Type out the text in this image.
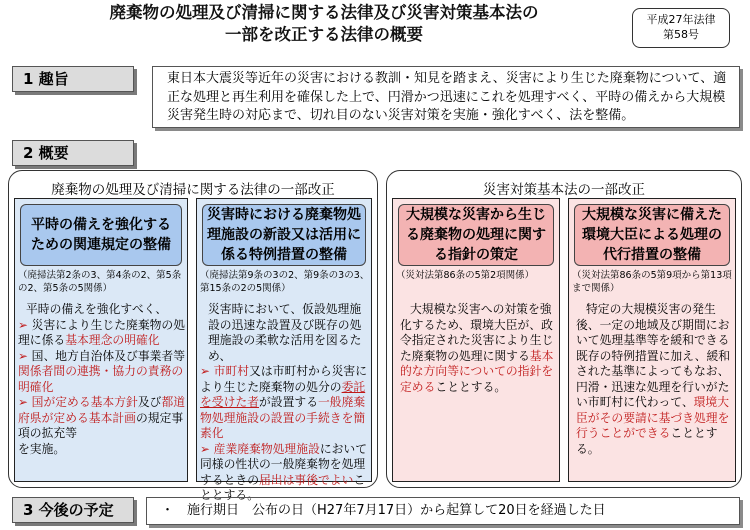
廃棄物の処理及び清掃に関する法律及び災害対策基本法の
一部を改正する法律の概要
平成27年法律
第58号
1 趣旨	東日本大震災等近年の災害における教訓・知見を踏まえ、災害により生じた廃棄物について、適正な処理と再生利用を確保した上で、円滑かつ迅速にこれを処理すべく、平時の備えから大規模災害発生時の対応まで、切れ目のない災害対策を実施・強化すべく、法を整備。
2 概要
廃棄物の処理及び清掃に関する法律の一部改正
平時の備えを強化するための関連規定の整備
（廃掃法第2条の3、第4条の2、第5条の2、第5条の5関係）
平時の備えを強化すべく、
➢ 災害により生じた廃棄物の処理に係る基本理念の明確化
➢ 国、地方自治体及び事業者等関係者間の連携・協力の責務の明確化
➢ 国が定める基本方針及び都道府県が定める基本計画の規定事項の拡充等
を実施。
災害時における廃棄物処理施設の新設又は活用に係る特例措置の整備
（廃掃法第9条の3の2、第9条の3の3、第15条の2の5関係）
災害時において、仮設処理施設の迅速な設置及び既存の処理施設の柔軟な活用を図るため、
➢ 市町村又は市町村から災害により生じた廃棄物の処分の委託を受けた者が設置する一般廃棄物処理施設の設置の手続きを簡素化
➢ 産業廃棄物処理施設において同様の性状の一般廃棄物を処理するときの届出は事後でよいこととする。
災害対策基本法の一部改正
大規模な災害から生じる廃棄物の処理に関する指針の策定
（災対法第86条の5第2項関係）
大規模な災害への対策を強化するため、環境大臣が、政令指定された災害により生じた廃棄物の処理に関する基本的な方向等についての指針を定めることとする。
大規模な災害に備えた環境大臣による処理の代行措置の整備
（災対法第86条の5第9項から第13項まで関係）
特定の大規模災害の発生後、一定の地域及び期間において処理基準等を緩和できる既存の特例措置に加え、緩和された基準によってもなお、円滑・迅速な処理を行いがたい市町村に代わって、環境大臣がその要請に基づき処理を行うことができることとする。
3 今後の予定	・　施行期日　公布の日（H27年7月17日）から起算して20日を経過した日
